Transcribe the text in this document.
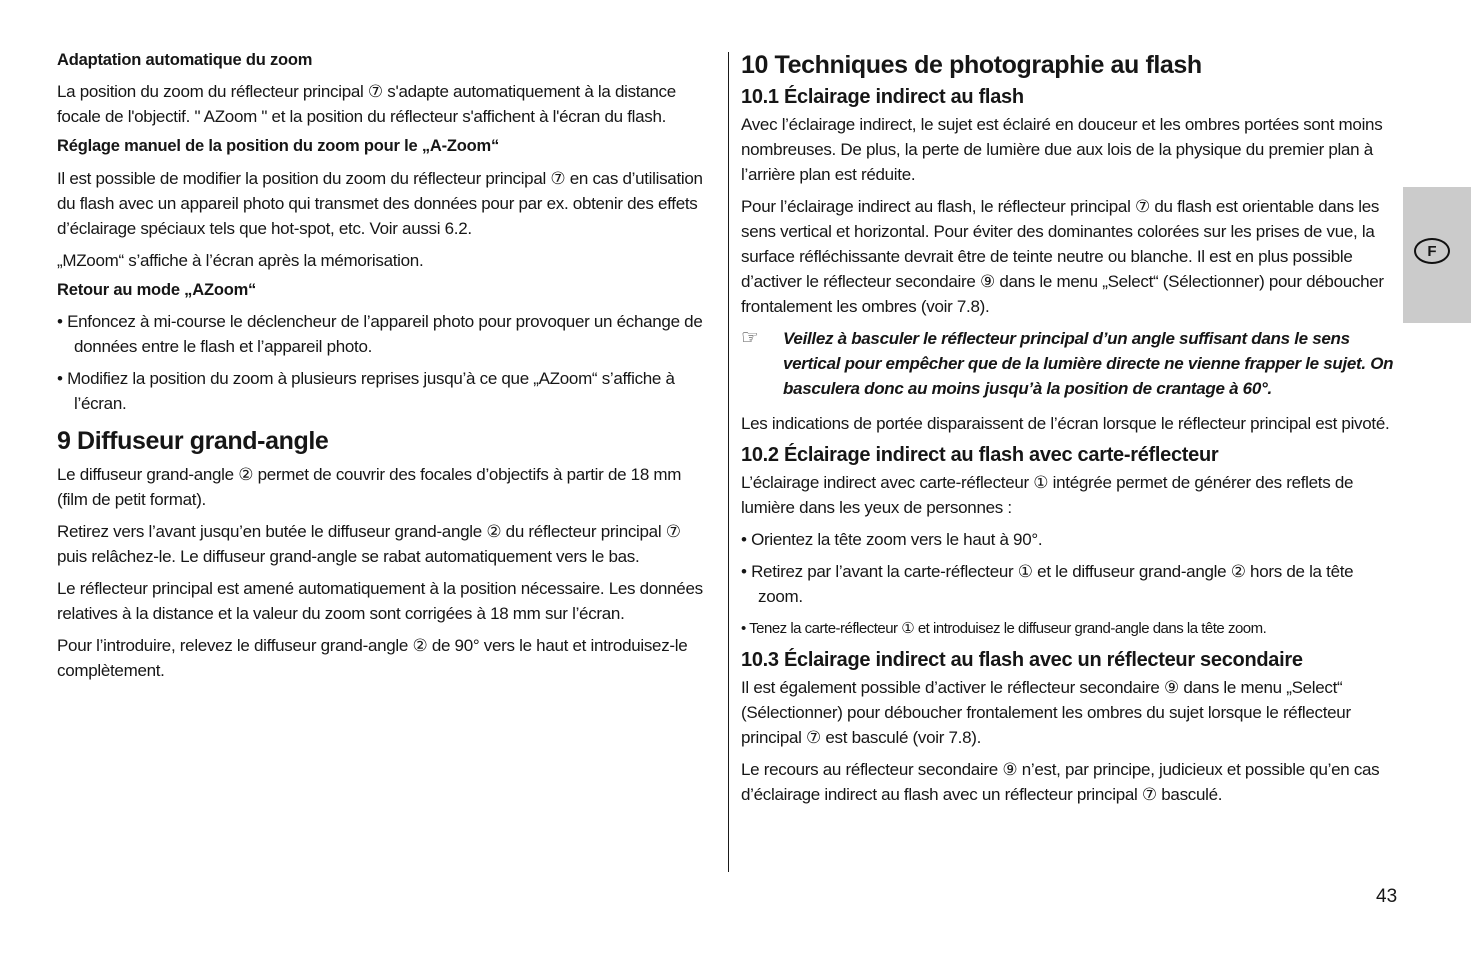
Adaptation automatique du zoom

La position du zoom du réflecteur principal ⑦ s'adapte automatiquement à la distance focale de l'objectif. " AZoom " et la position du réflecteur s'affichent à l'écran du flash.

Réglage manuel de la position du zoom pour le „A-Zoom“

Il est possible de modifier la position du zoom du réflecteur principal ⑦ en cas d’utilisation du flash avec un appareil photo qui transmet des données pour par ex. obtenir des effets d’éclairage spéciaux tels que hot-spot, etc. Voir aussi 6.2.

„MZoom“ s’affiche à l’écran après la mémorisation.

Retour au mode „AZoom“
• Enfoncez à mi-course le déclencheur de l’appareil photo pour provoquer un échange de données entre le flash et l’appareil photo.
• Modifiez la position du zoom à plusieurs reprises jusqu’à ce que „AZoom“ s’affiche à l’écran.
9 Diffuseur grand-angle

Le diffuseur grand-angle ② permet de couvrir des focales d’objectifs à partir de 18 mm (film de petit format).

Retirez vers l’avant jusqu’en butée le diffuseur grand-angle ② du réflecteur principal ⑦ puis relâchez-le. Le diffuseur grand-angle se rabat automatiquement vers le bas.

Le réflecteur principal est amené automatiquement à la position nécessaire. Les données relatives à la distance et la valeur du zoom sont corrigées à 18 mm sur l’écran.

Pour l’introduire, relevez le diffuseur grand-angle ② de 90° vers le haut et introduisez-le complètement.

10 Techniques de photographie au flash
10.1 Éclairage indirect au flash

Avec l’éclairage indirect, le sujet est éclairé en douceur et les ombres portées sont moins nombreuses. De plus, la perte de lumière due aux lois de la physique du premier plan à l’arrière plan est réduite.

Pour l’éclairage indirect au flash, le réflecteur principal ⑦ du flash est orientable dans les sens vertical et horizontal. Pour éviter des dominantes colorées sur les prises de vue, la surface réfléchissante devrait être de teinte neutre ou blanche. Il est en plus possible d’activer le réflecteur secondaire ⑨ dans le menu „Select“ (Sélectionner) pour déboucher frontalement les ombres (voir 7.8).

☞	Veillez à basculer le réflecteur principal d’un angle suffisant dans le sens vertical pour empêcher que de la lumière directe ne vienne frapper le sujet. On basculera donc au moins jusqu’à la position de crantage à 60°.

Les indications de portée disparaissent de l’écran lorsque le réflecteur principal est pivoté.

10.2 Éclairage indirect au flash avec carte-réflecteur

L’éclairage indirect avec carte-réflecteur ① intégrée permet de générer des reflets de lumière dans les yeux de personnes :

• Orientez la tête zoom vers le haut à 90°.
• Retirez par l’avant la carte-réflecteur ① et le diffuseur grand-angle ② hors de la tête zoom.
• Tenez la carte-réflecteur ① et introduisez le diffuseur grand-angle dans la tête zoom.
10.3 Éclairage indirect au flash avec un réflecteur secondaire

Il est également possible d’activer le réflecteur secondaire ⑨ dans le menu „Select“ (Sélectionner) pour déboucher frontalement les ombres du sujet lorsque le réflecteur principal ⑦ est basculé (voir 7.8).

Le recours au réflecteur secondaire ⑨ n’est, par principe, judicieux et possible qu’en cas d’éclairage indirect au flash avec un réflecteur principal ⑦ basculé.

F
43
